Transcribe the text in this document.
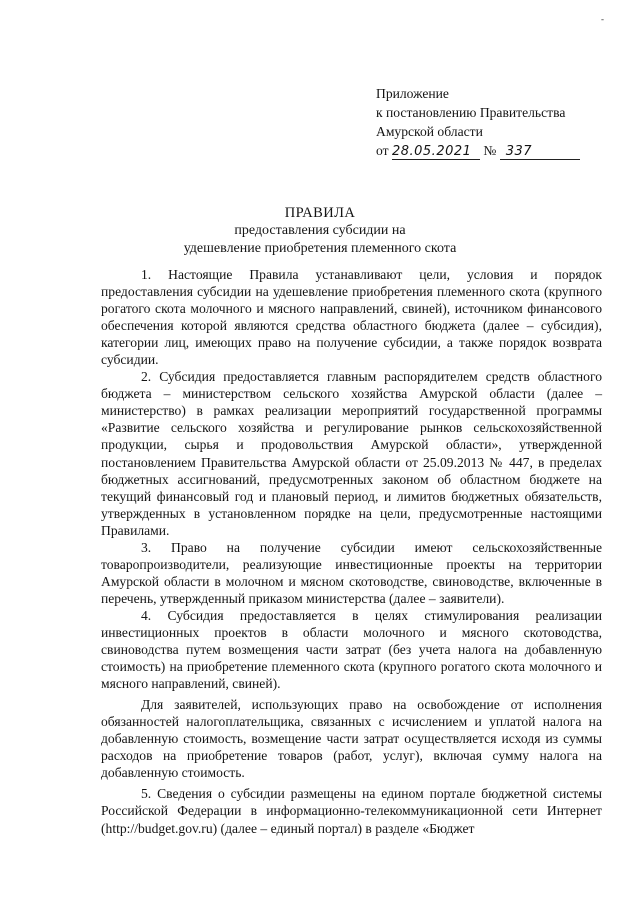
-
Приложение
к постановлению Правительства
Амурской области
от 28.05.2021 № 337
ПРАВИЛА
предоставления субсидии на
удешевление приобретения племенного скота

1. Настоящие Правила устанавливают цели, условия и порядок предоставления субсидии на удешевление приобретения племенного скота (крупного рогатого скота молочного и мясного направлений, свиней), источником финансового обеспечения которой являются средства областного бюджета (далее – субсидия), категории лиц, имеющих право на получение субсидии, а также порядок возврата субсидии.

2. Субсидия предоставляется главным распорядителем средств областного бюджета – министерством сельского хозяйства Амурской области (далее – министерство) в рамках реализации мероприятий государственной программы «Развитие сельского хозяйства и регулирование рынков сельскохозяйственной продукции, сырья и продовольствия Амурской области», утвержденной постановлением Правительства Амурской области от 25.09.2013 № 447, в пределах бюджетных ассигнований, предусмотренных законом об областном бюджете на текущий финансовый год и плановый период, и лимитов бюджетных обязательств, утвержденных в установленном порядке на цели, предусмотренные настоящими Правилами.

3. Право на получение субсидии имеют сельскохозяйственные товаропроизводители, реализующие инвестиционные проекты на территории Амурской области в молочном и мясном скотоводстве, свиноводстве, включенные в перечень, утвержденный приказом министерства (далее – заявители).

4. Субсидия предоставляется в целях стимулирования реализации инвестиционных проектов в области молочного и мясного скотоводства, свиноводства путем возмещения части затрат (без учета налога на добавленную стоимость) на приобретение племенного скота (крупного рогатого скота молочного и мясного направлений, свиней).

Для заявителей, использующих право на освобождение от исполнения обязанностей налогоплательщика, связанных с исчислением и уплатой налога на добавленную стоимость, возмещение части затрат осуществляется исходя из суммы расходов на приобретение товаров (работ, услуг), включая сумму налога на добавленную стоимость.

5. Сведения о субсидии размещены на едином портале бюджетной системы Российской Федерации в информационно-телекоммуникационной сети Интернет (http://budget.gov.ru) (далее – единый портал) в разделе «Бюджет
